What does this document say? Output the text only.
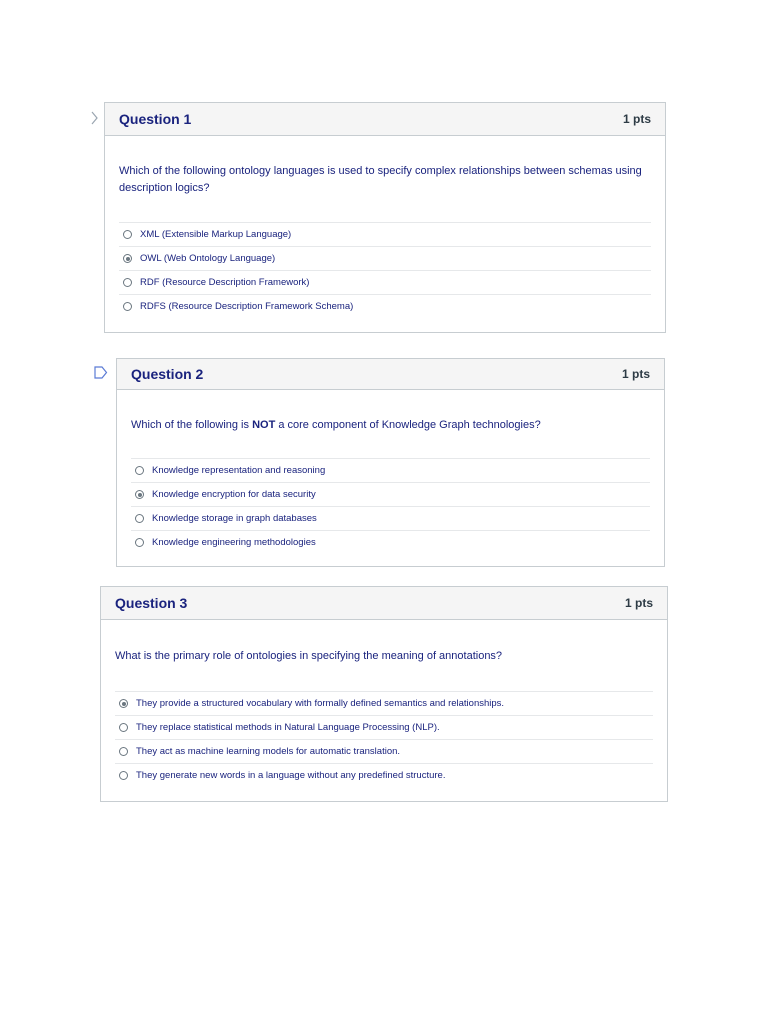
Question 1	1 pts
Which of the following ontology languages is used to specify complex relationships between schemas using description logics?
XML (Extensible Markup Language)
OWL (Web Ontology Language)
RDF (Resource Description Framework)
RDFS (Resource Description Framework Schema)
Question 2	1 pts
Which of the following is NOT a core component of Knowledge Graph technologies?
Knowledge representation and reasoning
Knowledge encryption for data security
Knowledge storage in graph databases
Knowledge engineering methodologies
Question 3	1 pts
What is the primary role of ontologies in specifying the meaning of annotations?
They provide a structured vocabulary with formally defined semantics and relationships.
They replace statistical methods in Natural Language Processing (NLP).
They act as machine learning models for automatic translation.
They generate new words in a language without any predefined structure.
